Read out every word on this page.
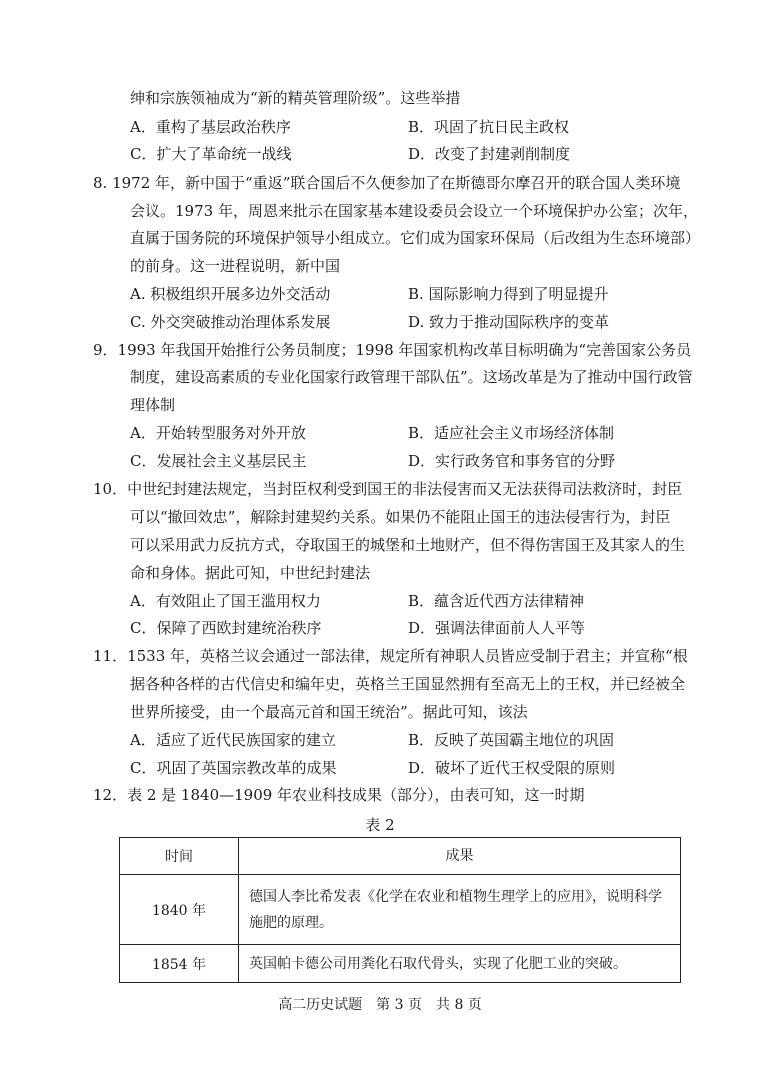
绅和宗族领袖成为“新的精英管理阶级”。这些举措
A．重构了基层政治秩序	B．巩固了抗日民主政权
C．扩大了革命统一战线	D．改变了封建剥削制度
8. 1972 年，新中国于“重返”联合国后不久便参加了在斯德哥尔摩召开的联合国人类环境
会议。1973 年，周恩来批示在国家基本建设委员会设立一个环境保护办公室；次年，
直属于国务院的环境保护领导小组成立。它们成为国家环保局（后改组为生态环境部）
的前身。这一进程说明，新中国
A. 积极组织开展多边外交活动	B. 国际影响力得到了明显提升
C. 外交突破推动治理体系发展	D. 致力于推动国际秩序的变革
9．1993 年我国开始推行公务员制度；1998 年国家机构改革目标明确为“完善国家公务员
制度，建设高素质的专业化国家行政管理干部队伍”。这场改革是为了推动中国行政管
理体制
A．开始转型服务对外开放	B．适应社会主义市场经济体制
C．发展社会主义基层民主	D．实行政务官和事务官的分野
10．中世纪封建法规定，当封臣权利受到国王的非法侵害而又无法获得司法救济时，封臣
可以“撤回效忠”，解除封建契约关系。如果仍不能阻止国王的违法侵害行为，封臣
可以采用武力反抗方式，夺取国王的城堡和土地财产，但不得伤害国王及其家人的生
命和身体。据此可知，中世纪封建法
A．有效阻止了国王滥用权力	B．蕴含近代西方法律精神
C．保障了西欧封建统治秩序	D．强调法律面前人人平等
11．1533 年，英格兰议会通过一部法律，规定所有神职人员皆应受制于君主；并宣称“根
据各种各样的古代信史和编年史，英格兰王国显然拥有至高无上的王权，并已经被全
世界所接受，由一个最高元首和国王统治”。据此可知，该法
A．适应了近代民族国家的建立	B．反映了英国霸主地位的巩固
C．巩固了英国宗教改革的成果	D．破坏了近代王权受限的原则
12．表 2 是 1840—1909 年农业科技成果（部分），由表可知，这一时期
表 2
时间	成果
1840 年	德国人李比希发表《化学在农业和植物生理学上的应用》，说明科学施肥的原理。
1854 年	英国帕卡德公司用粪化石取代骨头，实现了化肥工业的突破。
高二历史试题　第 3 页　共 8 页
